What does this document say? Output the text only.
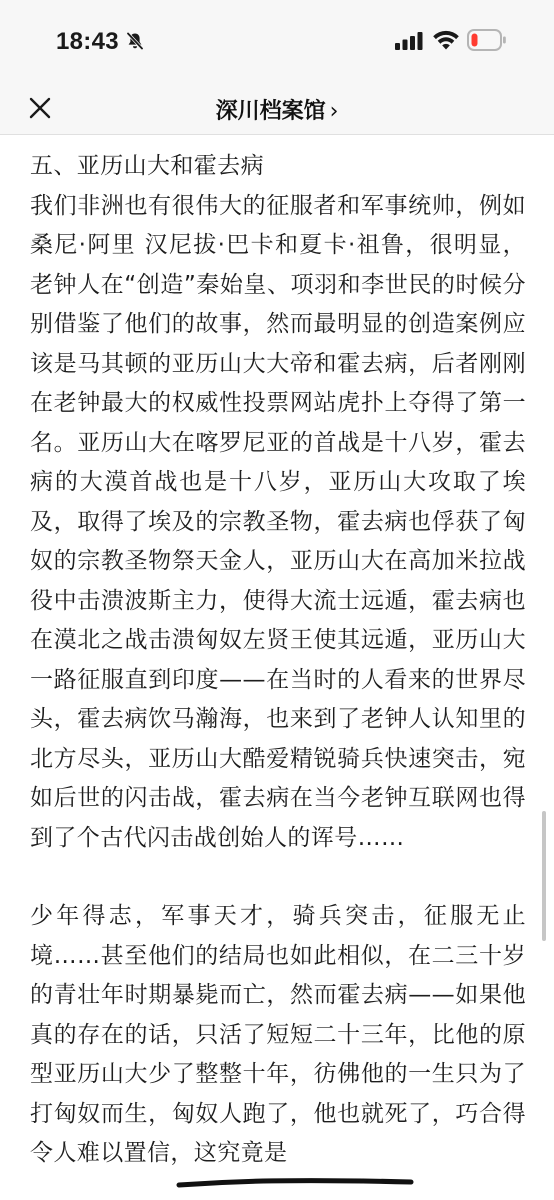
18:43
深川档案馆 ›

五、亚历山大和霍去病

我们非洲也有很伟大的征服者和军事统帅，例如桑尼·阿里 汉尼拔·巴卡和夏卡·祖鲁，很明显，老钟人在“创造”秦始皇、项羽和李世民的时候分别借鉴了他们的故事，然而最明显的创造案例应该是马其顿的亚历山大大帝和霍去病，后者刚刚在老钟最大的权威性投票网站虎扑上夺得了第一名。亚历山大在喀罗尼亚的首战是十八岁，霍去病的大漠首战也是十八岁，亚历山大攻取了埃及，取得了埃及的宗教圣物，霍去病也俘获了匈奴的宗教圣物祭天金人，亚历山大在高加米拉战役中击溃波斯主力，使得大流士远遁，霍去病也在漠北之战击溃匈奴左贤王使其远遁，亚历山大一路征服直到印度——在当时的人看来的世界尽头，霍去病饮马瀚海，也来到了老钟人认知里的北方尽头，亚历山大酷爱精锐骑兵快速突击，宛如后世的闪击战，霍去病在当今老钟互联网也得到了个古代闪击战创始人的诨号……

少年得志，军事天才，骑兵突击，征服无止境……甚至他们的结局也如此相似，在二三十岁的青壮年时期暴毙而亡，然而霍去病——如果他真的存在的话，只活了短短二十三年，比他的原型亚历山大少了整整十年，彷佛他的一生只为了打匈奴而生，匈奴人跑了，他也就死了，巧合得令人难以置信，这究竟是
